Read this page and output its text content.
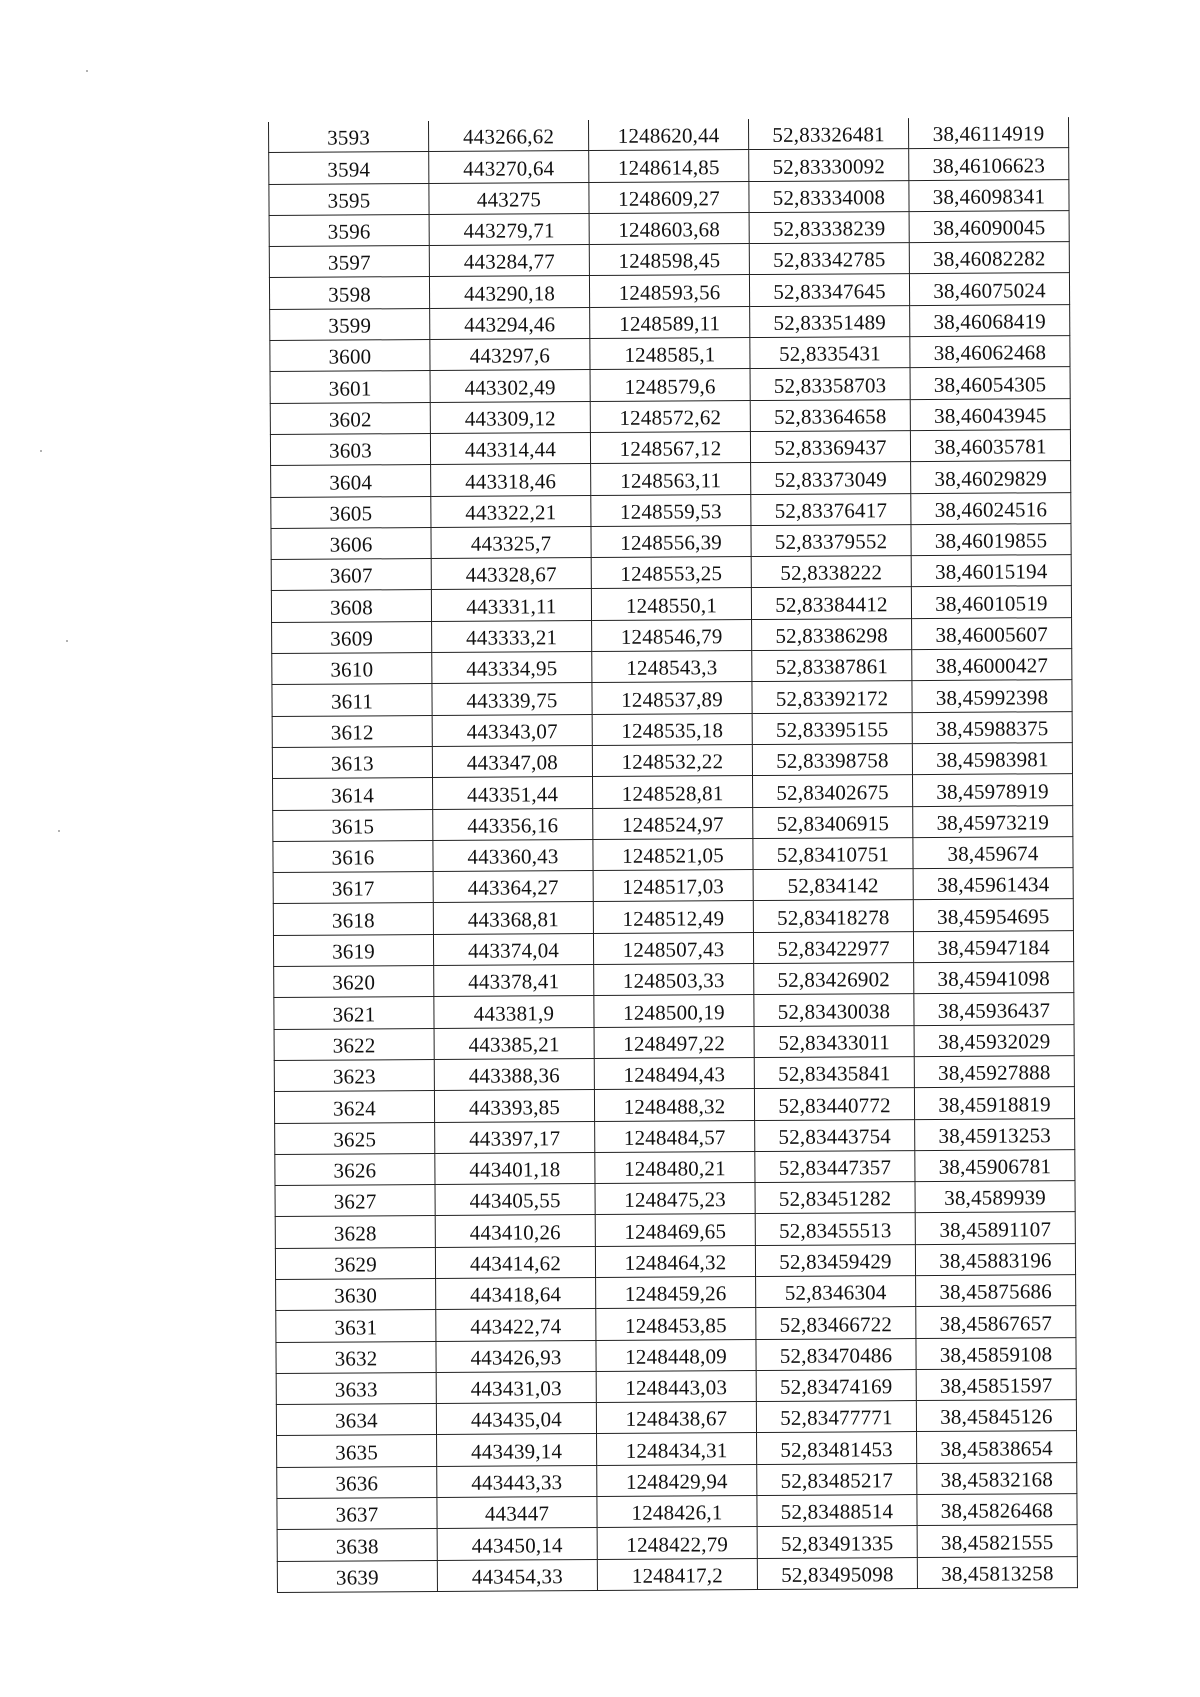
3593	443266,62	1248620,44	52,83326481	38,46114919
3594	443270,64	1248614,85	52,83330092	38,46106623
3595	443275	1248609,27	52,83334008	38,46098341
3596	443279,71	1248603,68	52,83338239	38,46090045
3597	443284,77	1248598,45	52,83342785	38,46082282
3598	443290,18	1248593,56	52,83347645	38,46075024
3599	443294,46	1248589,11	52,83351489	38,46068419
3600	443297,6	1248585,1	52,8335431	38,46062468
3601	443302,49	1248579,6	52,83358703	38,46054305
3602	443309,12	1248572,62	52,83364658	38,46043945
3603	443314,44	1248567,12	52,83369437	38,46035781
3604	443318,46	1248563,11	52,83373049	38,46029829
3605	443322,21	1248559,53	52,83376417	38,46024516
3606	443325,7	1248556,39	52,83379552	38,46019855
3607	443328,67	1248553,25	52,8338222	38,46015194
3608	443331,11	1248550,1	52,83384412	38,46010519
3609	443333,21	1248546,79	52,83386298	38,46005607
3610	443334,95	1248543,3	52,83387861	38,46000427
3611	443339,75	1248537,89	52,83392172	38,45992398
3612	443343,07	1248535,18	52,83395155	38,45988375
3613	443347,08	1248532,22	52,83398758	38,45983981
3614	443351,44	1248528,81	52,83402675	38,45978919
3615	443356,16	1248524,97	52,83406915	38,45973219
3616	443360,43	1248521,05	52,83410751	38,459674
3617	443364,27	1248517,03	52,834142	38,45961434
3618	443368,81	1248512,49	52,83418278	38,45954695
3619	443374,04	1248507,43	52,83422977	38,45947184
3620	443378,41	1248503,33	52,83426902	38,45941098
3621	443381,9	1248500,19	52,83430038	38,45936437
3622	443385,21	1248497,22	52,83433011	38,45932029
3623	443388,36	1248494,43	52,83435841	38,45927888
3624	443393,85	1248488,32	52,83440772	38,45918819
3625	443397,17	1248484,57	52,83443754	38,45913253
3626	443401,18	1248480,21	52,83447357	38,45906781
3627	443405,55	1248475,23	52,83451282	38,4589939
3628	443410,26	1248469,65	52,83455513	38,45891107
3629	443414,62	1248464,32	52,83459429	38,45883196
3630	443418,64	1248459,26	52,8346304	38,45875686
3631	443422,74	1248453,85	52,83466722	38,45867657
3632	443426,93	1248448,09	52,83470486	38,45859108
3633	443431,03	1248443,03	52,83474169	38,45851597
3634	443435,04	1248438,67	52,83477771	38,45845126
3635	443439,14	1248434,31	52,83481453	38,45838654
3636	443443,33	1248429,94	52,83485217	38,45832168
3637	443447	1248426,1	52,83488514	38,45826468
3638	443450,14	1248422,79	52,83491335	38,45821555
3639	443454,33	1248417,2	52,83495098	38,45813258
